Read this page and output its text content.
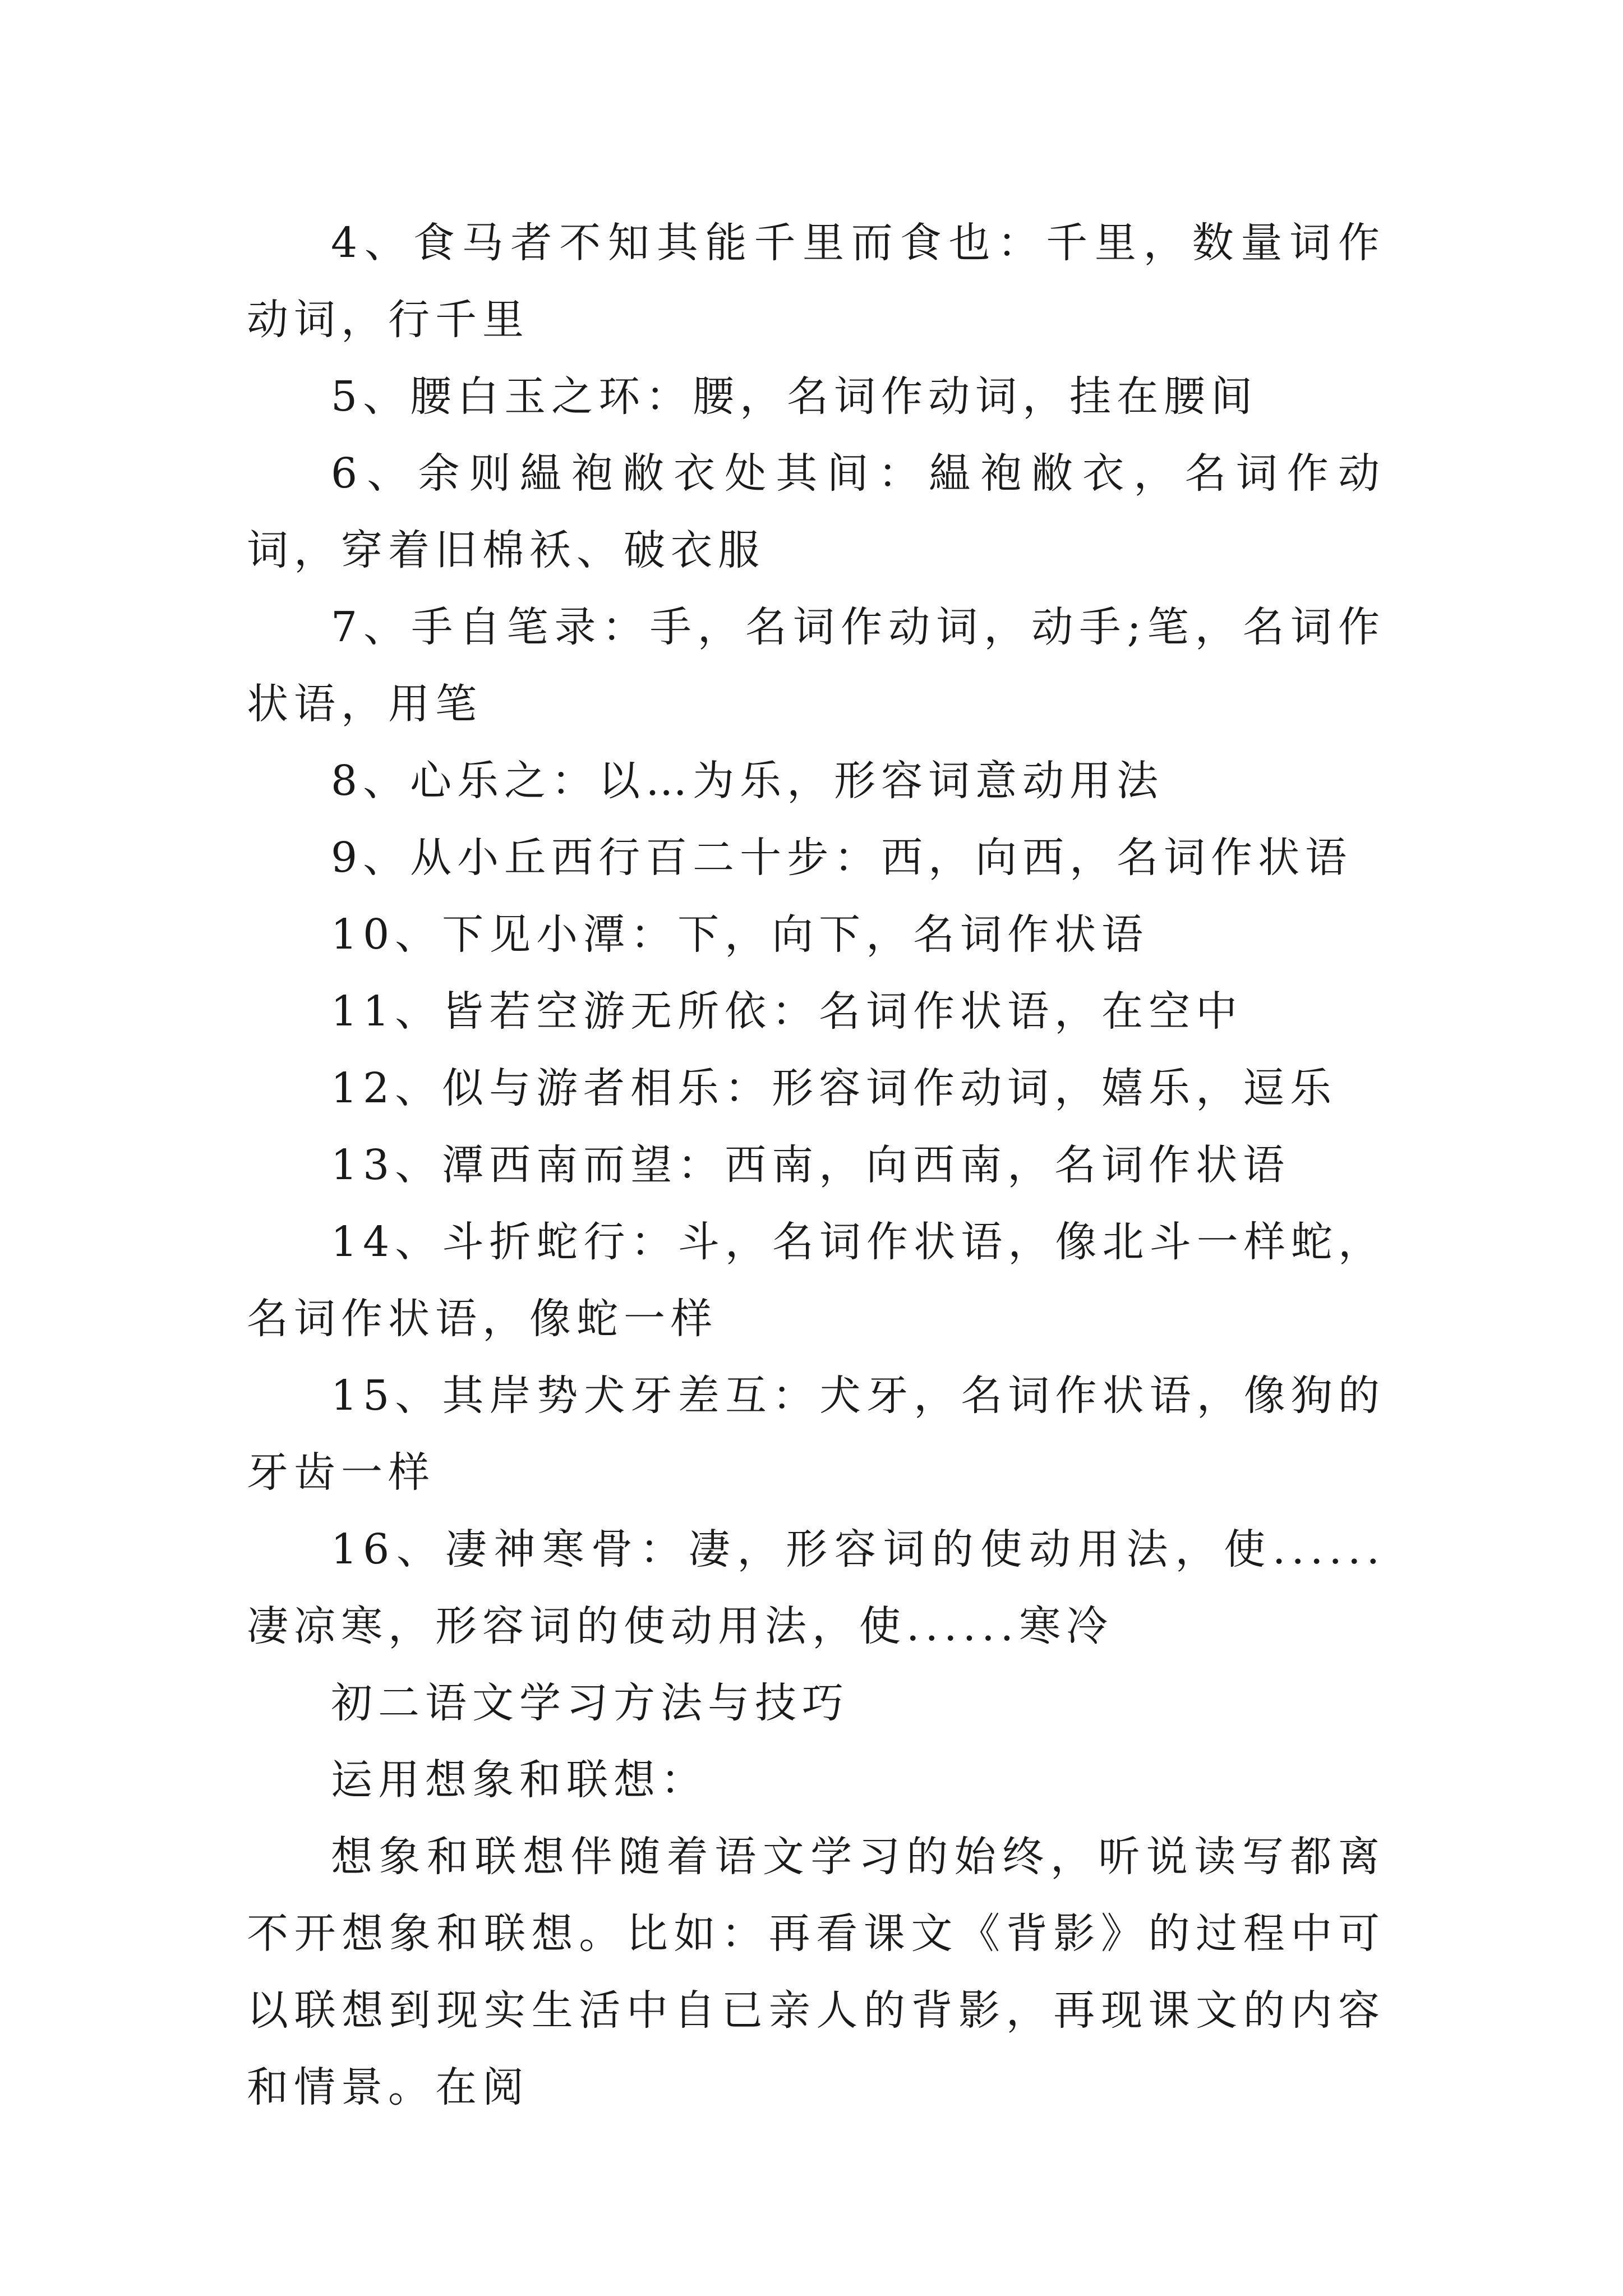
4、食马者不知其能千里而食也：千里，数量词作动词，行千里

5、腰白玉之环：腰，名词作动词，挂在腰间

6、余则緼袍敝衣处其间：緼袍敝衣，名词作动词，穿着旧棉袄、破衣服

7、手自笔录：手，名词作动词，动手;笔，名词作状语，用笔

8、心乐之：以…为乐，形容词意动用法

9、从小丘西行百二十步：西，向西，名词作状语

10、下见小潭：下，向下，名词作状语

11、皆若空游无所依：名词作状语，在空中

12、似与游者相乐：形容词作动词，嬉乐，逗乐

13、潭西南而望：西南，向西南，名词作状语

14、斗折蛇行：斗，名词作状语，像北斗一样蛇，名词作状语，像蛇一样

15、其岸势犬牙差互：犬牙，名词作状语，像狗的牙齿一样

16、凄神寒骨：凄，形容词的使动用法，使......凄凉寒，形容词的使动用法，使......寒冷

初二语文学习方法与技巧

运用想象和联想：

想象和联想伴随着语文学习的始终，听说读写都离不开想象和联想。比如：再看课文《背影》的过程中可以联想到现实生活中自已亲人的背影，再现课文的内容和情景。在阅
